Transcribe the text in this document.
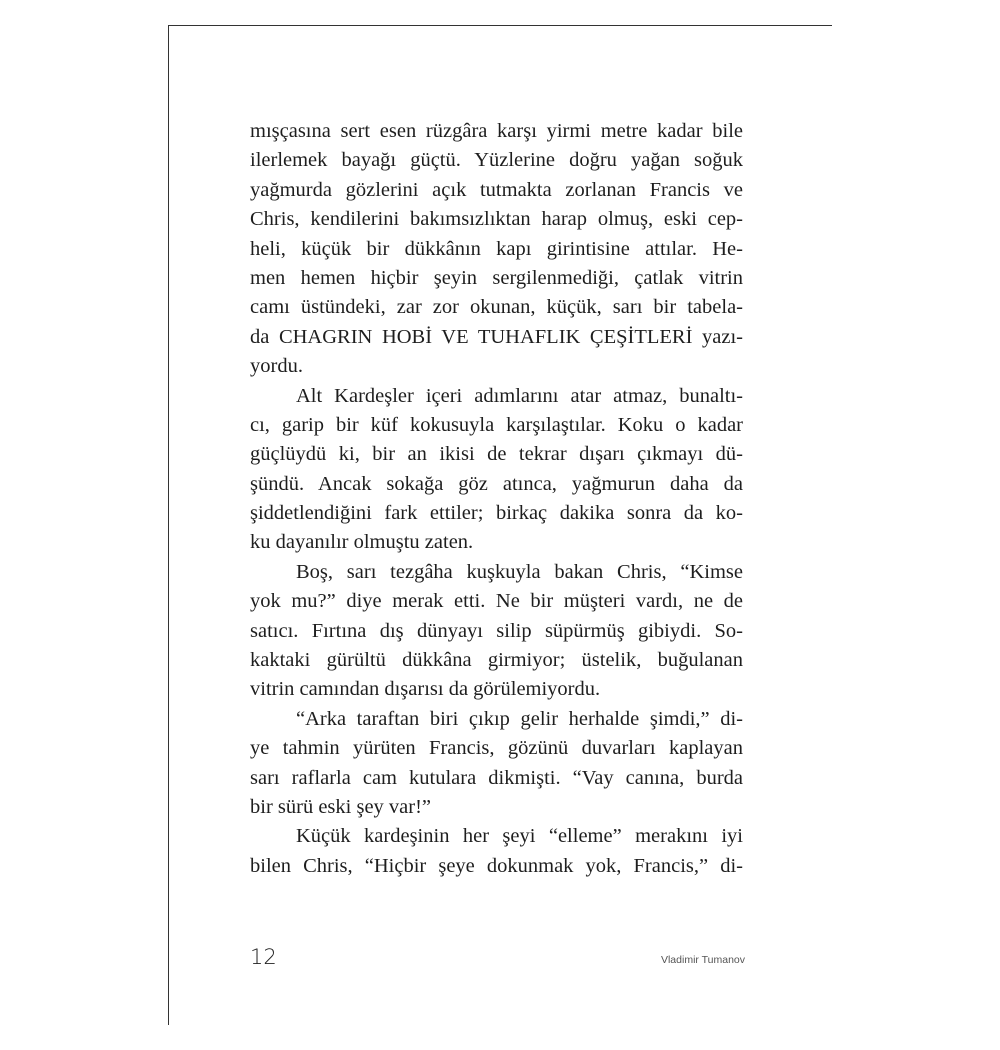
mışçasına sert esen rüzgâra karşı yirmi metre kadar bile
ilerlemek bayağı güçtü. Yüzlerine doğru yağan soğuk
yağmurda gözlerini açık tutmakta zorlanan Francis ve
Chris, kendilerini bakımsızlıktan harap olmuş, eski cep-
heli, küçük bir dükkânın kapı girintisine attılar. He-
men hemen hiçbir şeyin sergilenmediği, çatlak vitrin
camı üstündeki, zar zor okunan, küçük, sarı bir tabela-
da CHAGRIN HOBİ VE TUHAFLIK ÇEŞİTLERİ yazı-
yordu.
Alt Kardeşler içeri adımlarını atar atmaz, bunaltı-
cı, garip bir küf kokusuyla karşılaştılar. Koku o kadar
güçlüydü ki, bir an ikisi de tekrar dışarı çıkmayı dü-
şündü. Ancak sokağa göz atınca, yağmurun daha da
şiddetlendiğini fark ettiler; birkaç dakika sonra da ko-
ku dayanılır olmuştu zaten.
Boş, sarı tezgâha kuşkuyla bakan Chris, “Kimse
yok mu?” diye merak etti. Ne bir müşteri vardı, ne de
satıcı. Fırtına dış dünyayı silip süpürmüş gibiydi. So-
kaktaki gürültü dükkâna girmiyor; üstelik, buğulanan
vitrin camından dışarısı da görülemiyordu.
“Arka taraftan biri çıkıp gelir herhalde şimdi,” di-
ye tahmin yürüten Francis, gözünü duvarları kaplayan
sarı raflarla cam kutulara dikmişti. “Vay canına, burda
bir sürü eski şey var!”
Küçük kardeşinin her şeyi “elleme” merakını iyi
bilen Chris, “Hiçbir şeye dokunmak yok, Francis,” di-
12	Vladimir Tumanov
